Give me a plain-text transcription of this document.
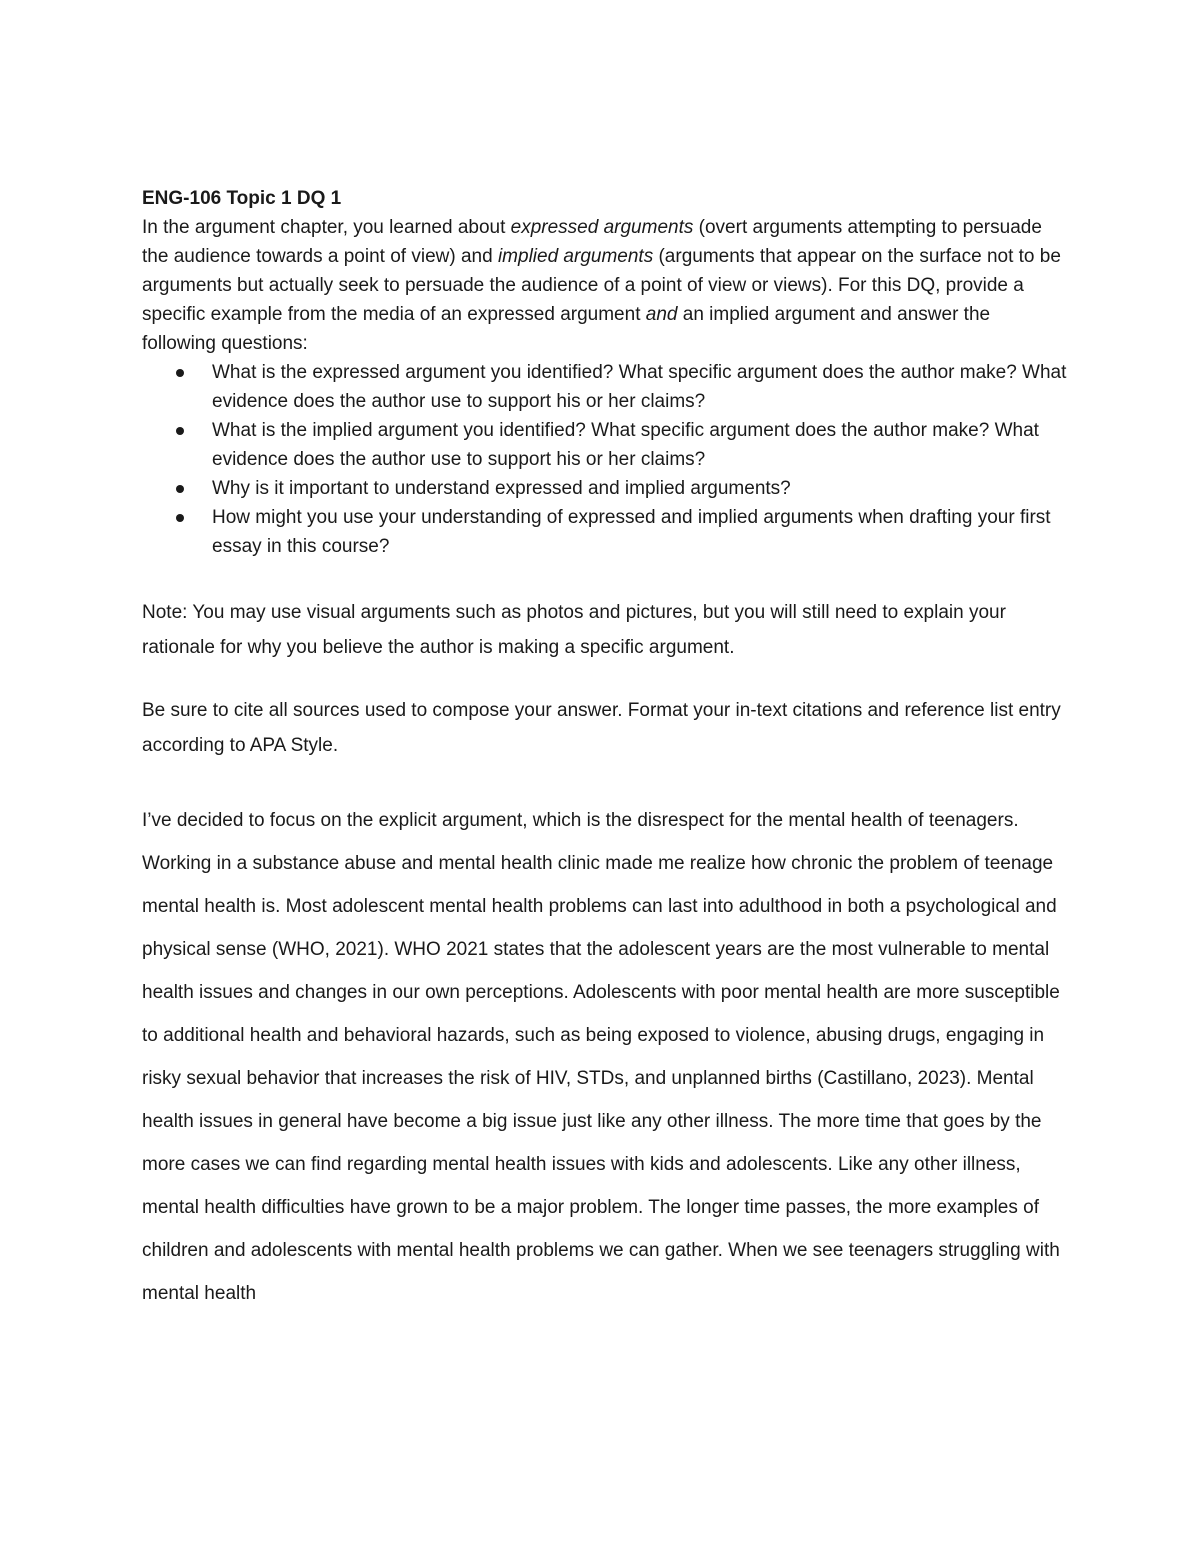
ENG-106 Topic 1 DQ 1

In the argument chapter, you learned about expressed arguments (overt arguments attempting to persuade the audience towards a point of view) and implied arguments (arguments that appear on the surface not to be arguments but actually seek to persuade the audience of a point of view or views). For this DQ, provide a specific example from the media of an expressed argument and an implied argument and answer the following questions:

What is the expressed argument you identified? What specific argument does the author make? What evidence does the author use to support his or her claims?
What is the implied argument you identified? What specific argument does the author make? What evidence does the author use to support his or her claims?
Why is it important to understand expressed and implied arguments?
How might you use your understanding of expressed and implied arguments when drafting your first essay in this course?

Note: You may use visual arguments such as photos and pictures, but you will still need to explain your rationale for why you believe the author is making a specific argument.

Be sure to cite all sources used to compose your answer. Format your in-text citations and reference list entry according to APA Style.

I’ve decided to focus on the explicit argument, which is the disrespect for the mental health of teenagers. Working in a substance abuse and mental health clinic made me realize how chronic the problem of teenage mental health is. Most adolescent mental health problems can last into adulthood in both a psychological and physical sense (WHO, 2021). WHO 2021 states that the adolescent years are the most vulnerable to mental health issues and changes in our own perceptions. Adolescents with poor mental health are more susceptible to additional health and behavioral hazards, such as being exposed to violence, abusing drugs, engaging in risky sexual behavior that increases the risk of HIV, STDs, and unplanned births (Castillano, 2023). Mental health issues in general have become a big issue just like any other illness. The more time that goes by the more cases we can find regarding mental health issues with kids and adolescents. Like any other illness, mental health difficulties have grown to be a major problem. The longer time passes, the more examples of children and adolescents with mental health problems we can gather. When we see teenagers struggling with mental health
